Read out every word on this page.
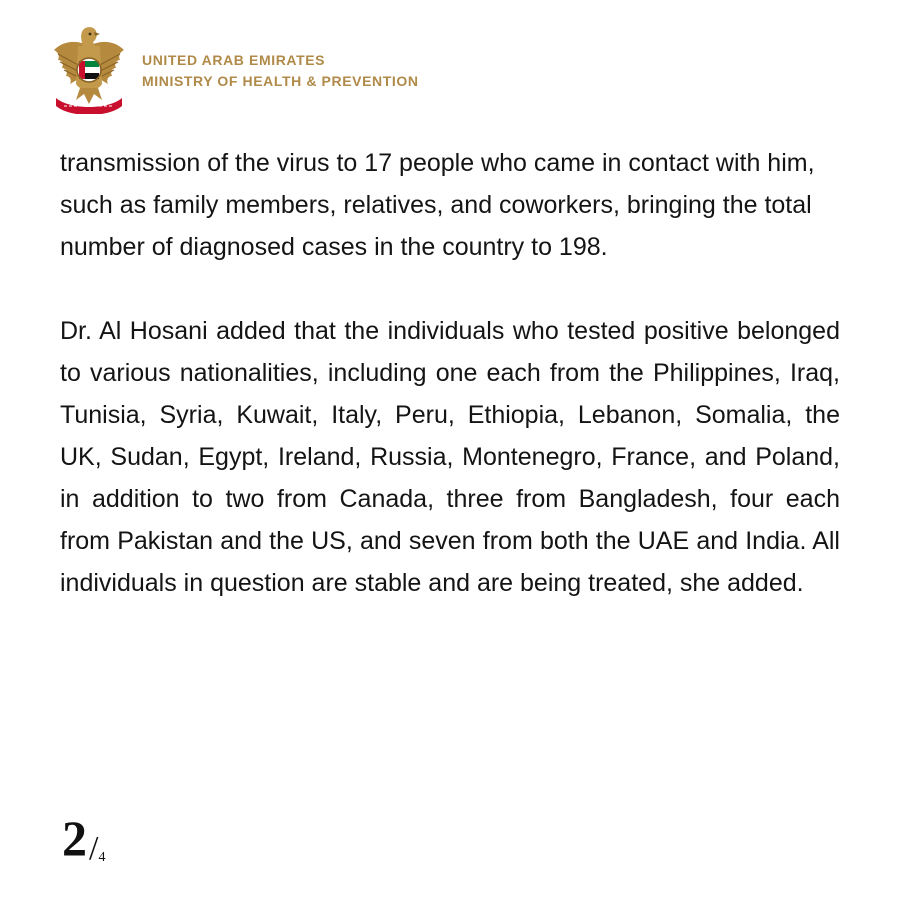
UNITED ARAB EMIRATES
MINISTRY OF HEALTH & PREVENTION

transmission of the virus to 17 people who came in contact with him, such as family members, relatives, and coworkers, bringing the total number of diagnosed cases in the country to 198.

Dr. Al Hosani added that the individuals who tested positive belonged to various nationalities, including one each from the Philippines, Iraq, Tunisia, Syria, Kuwait, Italy, Peru, Ethiopia, Lebanon, Somalia, the UK, Sudan, Egypt, Ireland, Russia, Montenegro, France, and Poland, in addition to two from Canada, three from Bangladesh, four each from Pakistan and the US, and seven from both the UAE and India. All individuals in question are stable and are being treated, she added.

2/4
